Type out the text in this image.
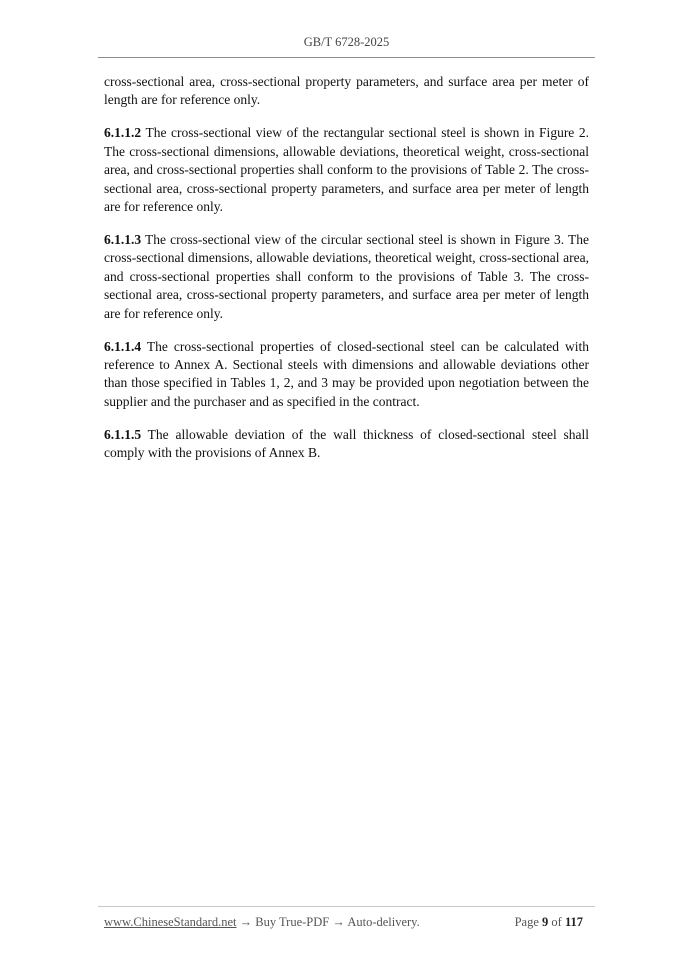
GB/T 6728-2025

cross-sectional area, cross-sectional property parameters, and surface area per meter of length are for reference only.

6.1.1.2 The cross-sectional view of the rectangular sectional steel is shown in Figure 2. The cross-sectional dimensions, allowable deviations, theoretical weight, cross-sectional area, and cross-sectional properties shall conform to the provisions of Table 2. The cross-sectional area, cross-sectional property parameters, and surface area per meter of length are for reference only.

6.1.1.3 The cross-sectional view of the circular sectional steel is shown in Figure 3. The cross-sectional dimensions, allowable deviations, theoretical weight, cross-sectional area, and cross-sectional properties shall conform to the provisions of Table 3. The cross-sectional area, cross-sectional property parameters, and surface area per meter of length are for reference only.

6.1.1.4 The cross-sectional properties of closed-sectional steel can be calculated with reference to Annex A. Sectional steels with dimensions and allowable deviations other than those specified in Tables 1, 2, and 3 may be provided upon negotiation between the supplier and the purchaser and as specified in the contract.

6.1.1.5 The allowable deviation of the wall thickness of closed-sectional steel shall comply with the provisions of Annex B.

www.ChineseStandard.net → Buy True-PDF → Auto-delivery.	Page 9 of 117
